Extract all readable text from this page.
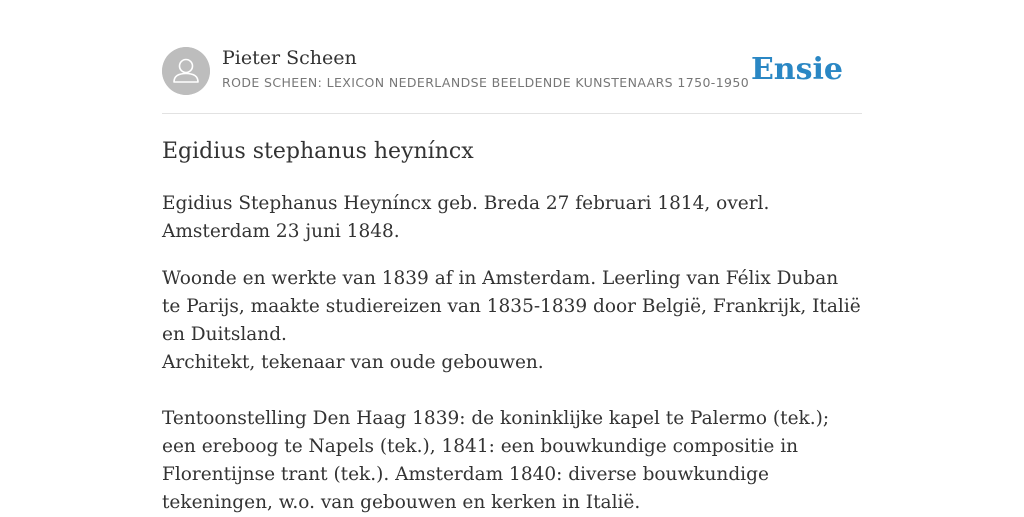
Pieter Scheen
RODE SCHEEN: LEXICON NEDERLANDSE BEELDENDE KUNSTENAARS 1750-1950 Ensie
Egidius stephanus heyníncx

Egidius Stephanus Heyníncx geb. Breda 27 februari 1814, overl. Amsterdam 23 juni 1848.

Woonde en werkte van 1839 af in Amsterdam. Leerling van Félix Duban te Parijs, maakte studiereizen van 1835-1839 door België, Frankrijk, Italië en Duitsland.

Architekt, tekenaar van oude gebouwen.

Tentoonstelling Den Haag 1839: de koninklijke kapel te Palermo (tek.); een ereboog te Napels (tek.), 1841: een bouwkundige compositie in Florentijnse trant (tek.). Amsterdam 1840: diverse bouwkundige tekeningen, w.o. van gebouwen en kerken in Italië.
